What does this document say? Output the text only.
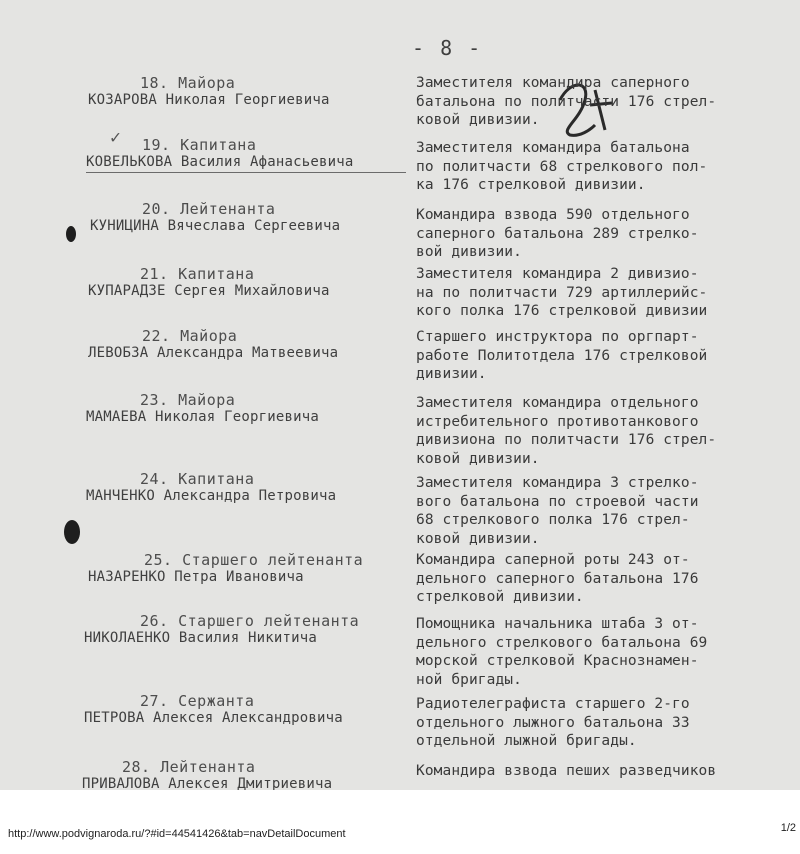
- 8 -
✓
18. Майора
КОЗАРОВА Николая Георгиевича
Заместителя командира саперного
батальона по политчасти 176 стрел-
ковой дивизии.
19. Капитана
КОВЕЛЬКОВА Василия Афанасьевича
Заместителя командира батальона
по политчасти 68 стрелкового пол-
ка 176 стрелковой дивизии.
20. Лейтенанта
КУНИЦИНА Вячеслава Сергеевича
Командира взвода 590 отдельного
саперного батальона 289 стрелко-
вой дивизии.
21. Капитана
КУПАРАДЗЕ Сергея Михайловича
Заместителя командира 2 дивизио-
на по политчасти 729 артиллерийс-
кого полка 176 стрелковой дивизии
22. Майора
ЛЕВОБЗА Александра Матвеевича
Старшего инструктора по оргпарт-
работе Политотдела 176 стрелковой
дивизии.
23. Майора
МАМАЕВА Николая Георгиевича
Заместителя командира отдельного
истребительного противотанкового
дивизиона по политчасти 176 стрел-
ковой дивизии.
24. Капитана
МАНЧЕНКО Александра Петровича
Заместителя командира 3 стрелко-
вого батальона по строевой части
68 стрелкового полка 176 стрел-
ковой дивизии.
25. Старшего лейтенанта
НАЗАРЕНКО Петра Ивановича
Командира саперной роты 243 от-
дельного саперного батальона 176
стрелковой дивизии.
26. Старшего лейтенанта
НИКОЛАЕНКО Василия Никитича
Помощника начальника штаба 3 от-
дельного стрелкового батальона 69
морской стрелковой Краснознамен-
ной бригады.
27. Сержанта
ПЕТРОВА Алексея Александровича
Радиотелеграфиста старшего 2-го
отдельного лыжного батальона 33
отдельной лыжной бригады.
28. Лейтенанта
ПРИВАЛОВА Алексея Дмитриевича
Командира взвода пеших разведчиков
http://www.podvignaroda.ru/?#id=44541426&tab=navDetailDocument	1/2
